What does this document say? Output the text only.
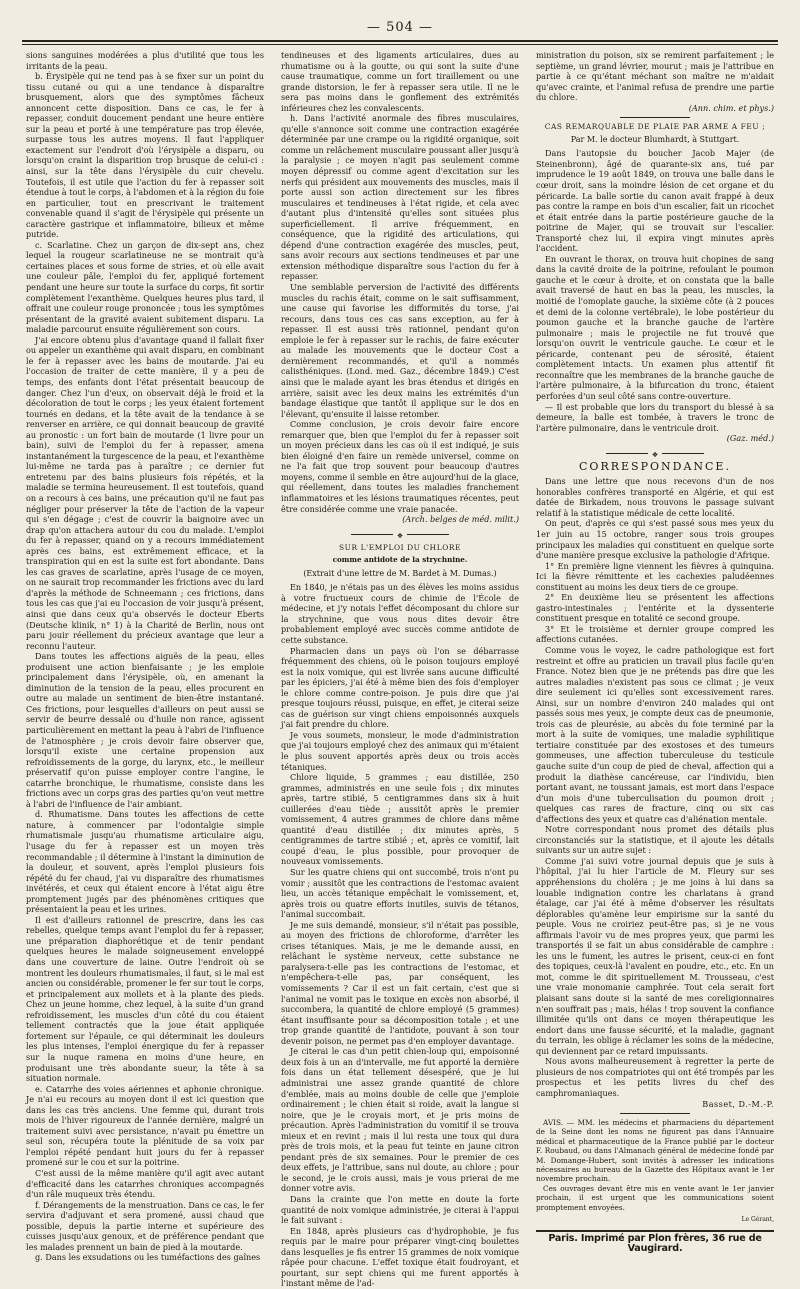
— 504 —

sions sanguines modérées a plus d'utilité que tous les irritants de la peau.

b. Érysipèle qui ne tend pas à se fixer sur un point du tissu cutané ou qui a une tendance à disparaître brusquement, alors que des symptômes fâcheux annoncent cette disposition. Dans ce cas, le fer à repasser, conduit doucement pendant une heure entière sur la peau et porté à une température pas trop élevée, surpasse tous les autres moyens. Il faut l'appliquer exactement sur l'endroit d'où l'érysipèle a disparu, ou lorsqu'on craint la disparition trop brusque de celui-ci : ainsi, sur la tête dans l'érysipèle du cuir chevelu. Toutefois, il est utile que l'action du fer à repasser soit étendue à tout le corps, à l'abdomen et à la région du foie en particulier, tout en prescrivant le traitement convenable quand il s'agit de l'érysipèle qui présente un caractère gastrique et inflammatoire, bilieux et même putride.

c. Scarlatine. Chez un garçon de dix-sept ans, chez lequel la rougeur scarlatineuse ne se montrait qu'à certaines places et sous forme de stries, et où elle avait une couleur pâle, l'emploi du fer, appliqué fortement pendant une heure sur toute la surface du corps, fit sortir complètement l'exanthème. Quelques heures plus tard, il offrait une couleur rouge prononcée ; tous les symptômes présentant de la gravité avaient subitement disparu. La maladie parcourut ensuite régulièrement son cours.

J'ai encore obtenu plus d'avantage quand il fallait fixer ou appeler un exanthème qui avait disparu, en combinant le fer à repasser avec les bains de moutarde. J'ai eu l'occasion de traiter de cette manière, il y a peu de temps, des enfants dont l'état présentait beaucoup de danger. Chez l'un d'eux, on observait déjà le froid et la décoloration de tout le corps ; les yeux étaient fortement tournés en dedans, et la tête avait de la tendance à se renverser en arrière, ce qui donnait beaucoup de gravité au pronostic : un fort bain de moutarde (1 livre pour un bain), suivi de l'emploi du fer à repasser, amena instantanément la turgescence de la peau, et l'exanthème lui-même ne tarda pas à paraître ; ce dernier fut entretenu par des bains plusieurs fois répétés, et la maladie se termina heureusement. Il est toutefois, quand on a recours à ces bains, une précaution qu'il ne faut pas négliger pour préserver la tête de l'action de la vapeur qui s'en dégage ; c'est de couvrir la baignoire avec un drap qu'on attachera autour du cou du malade. L'emploi du fer à repasser, quand on y a recours immédiatement après ces bains, est extrêmement efficace, et la transpiration qui en est la suite est fort abondante. Dans les cas graves de scarlatine, après l'usage de ce moyen, on ne saurait trop recommander les frictions avec du lard d'après la méthode de Schneemann ; ces frictions, dans tous les cas que j'ai eu l'occasion de voir jusqu'à présent, ainsi que dans ceux qu'a observés le docteur Eberts (Deutsche klinik, n° 1) à la Charité de Berlin, nous ont paru jouir réellement du précieux avantage que leur a reconnu l'auteur.

Dans toutes les affections aiguës de la peau, elles produisent une action bienfaisante ; je les emploie principalement dans l'érysipèle, où, en amenant la diminution de la tension de la peau, elles procurent en outre au malade un sentiment de bien-être instantané. Ces frictions, pour lesquelles d'ailleurs on peut aussi se servir de beurre dessalé ou d'huile non rance, agissent particulièrement en mettant la peau à l'abri de l'influence de l'atmosphère ; je crois devoir faire observer que, lorsqu'il existe une certaine propension aux refroidissements de la gorge, du larynx, etc., le meilleur préservatif qu'on puisse employer contre l'angine, le catarrhe bronchique, le rhumatisme, consiste dans les frictions avec un corps gras des parties qu'on veut mettre à l'abri de l'influence de l'air ambiant.

d. Rhumatisme. Dans toutes les affections de cette nature, à commencer par l'odontalgie simple rhumatismale jusqu'au rhumatisme articulaire aigu, l'usage du fer à repasser est un moyen très recommandable ; il détermine à l'instant la diminution de la douleur, et souvent, après l'emploi plusieurs fois répété du fer chaud, j'ai vu disparaître des rhumatismes invétérés, et ceux qui étaient encore à l'état aigu être promptement jugés par des phénomènes critiques que présentaient la peau et les urines.

Il est d'ailleurs rationnel de prescrire, dans les cas rebelles, quelque temps avant l'emploi du fer à repasser, une préparation diaphorétique et de tenir pendant quelques heures le malade soigneusement enveloppé dans une couverture de laine. Outre l'endroit où se montrent les douleurs rhumatismales, il faut, si le mal est ancien ou considérable, promener le fer sur tout le corps, et principalement aux mollets et à la plante des pieds. Chez un jeune homme, chez lequel, à la suite d'un grand refroidissement, les muscles d'un côté du cou étaient tellement contractés que la joue était appliquée fortement sur l'épaule, ce qui déterminait les douleurs les plus intenses, l'emploi énergique du fer à repasser sur la nuque ramena en moins d'une heure, en produisant une très abondante sueur, la tête à sa situation normale.

e. Catarrhe des voies aériennes et aphonie chronique. Je n'ai eu recours au moyen dont il est ici question que dans les cas très anciens. Une femme qui, durant trois mois de l'hiver rigoureux de l'année dernière, malgré un traitement suivi avec persistance, n'avait pu émettre un seul son, récupéra toute la plénitude de sa voix par l'emploi répété pendant huit jours du fer à repasser promené sur le cou et sur la poitrine.

C'est aussi de la même manière qu'il agit avec autant d'efficacité dans les catarrhes chroniques accompagnés d'un râle muqueux très étendu.

f. Dérangements de la menstruation. Dans ce cas, le fer servira d'adjuvant et sera promené, aussi chaud que possible, depuis la partie interne et supérieure des cuisses jusqu'aux genoux, et de préférence pendant que les malades prennent un bain de pied à la moutarde.

g. Dans les exsudations ou les tuméfactions des gaînes

tendineuses et des ligaments articulaires, dues au rhumatisme ou à la goutte, ou qui sont la suite d'une cause traumatique, comme un fort tiraillement ou une grande distorsion, le fer à repasser sera utile. Il ne le sera pas moins dans le gonflement des extrémités inférieures chez les convalescents.

h. Dans l'activité anormale des fibres musculaires, qu'elle s'annonce soit comme une contraction exagérée déterminée par une crampe ou la rigidité organique, soit comme un relâchement musculaire poussant aller jusqu'à la paralysie ; ce moyen n'agit pas seulement comme moyen dépressif ou comme agent d'excitation sur les nerfs qui président aux mouvements des muscles, mais il porte aussi son action directement sur les fibres musculaires et tendineuses à l'état rigide, et cela avec d'autant plus d'intensité qu'elles sont situées plus superficiellement. Il arrive fréquemment, en conséquence, que la rigidité des articulations, qui dépend d'une contraction exagérée des muscles, peut, sans avoir recours aux sections tendineuses et par une extension méthodique disparaître sous l'action du fer à repasser.

Une semblable perversion de l'activité des différents muscles du rachis était, comme on le sait suffisamment, une cause qui favorise les difformités du torse, j'ai recours, dans tous ces cas sans exception, au fer à repasser. Il est aussi très rationnel, pendant qu'on emploie le fer à repasser sur le rachis, de faire exécuter au malade les mouvements que le docteur Cost a dernièrement recommandés, et qu'il a nommés calisthéniques. (Lond. med. Gaz., décembre 1849.) C'est ainsi que le malade ayant les bras étendus et dirigés en arrière, saisit avec les deux mains les extrémités d'un bandage élastique que tantôt il applique sur le dos en l'élevant, qu'ensuite il laisse retomber.

Comme conclusion, je crois devoir faire encore remarquer que, bien que l'emploi du fer à repasser soit un moyen précieux dans les cas où il est indiqué, je suis bien éloigné d'en faire un remède universel, comme on ne l'a fait que trop souvent pour beaucoup d'autres moyens, comme il semble en être aujourd'hui de la glace, qui réellement, dans toutes les maladies franchement inflammatoires et les lésions traumatiques récentes, peut être considérée comme une vraie panacée.

(Arch. belges de méd. milit.)

❖
SUR L'EMPLOI DU CHLORE
comme antidote de la strychnine.

(Extrait d'une lettre de M. Bardet à M. Dumas.)

En 1840, je n'étais pas un des élèves les moins assidus à votre fructueux cours de chimie de l'École de médecine, et j'y notais l'effet décomposant du chlore sur la strychnine, que vous nous dites devoir être probablement employé avec succès comme antidote de cette substance.

Pharmacien dans un pays où l'on se débarrasse fréquemment des chiens, où le poison toujours employé est la noix vomique, qui est livrée sans aucune difficulté par les épiciers, j'ai été à même bien des fois d'employer le chlore comme contre-poison. Je puis dire que j'ai presque toujours réussi, puisque, en effet, je citerai seize cas de guérison sur vingt chiens empoisonnés auxquels j'ai fait prendre du chlore.

Je vous soumets, monsieur, le mode d'administration que j'ai toujours employé chez des animaux qui m'étaient le plus souvent apportés après deux ou trois accès tétaniques.

Chlore liquide, 5 grammes ; eau distillée, 250 grammes, administrés en une seule fois ; dix minutes après, tartre stibié, 5 centigrammes dans six à huit cuillerées d'eau tiède ; aussitôt après le premier vomissement, 4 autres grammes de chlore dans même quantité d'eau distillée ; dix minutes après, 5 centigrammes de tartre stibié ; et, après ce vomitif, lait coupé d'eau, le plus possible, pour provoquer de nouveaux vomissements.

Sur les quatre chiens qui ont succombé, trois n'ont pu vomir ; aussitôt que les contractions de l'estomac avaient lieu, un accès tétanique empêchait le vomissement, et, après trois ou quatre efforts inutiles, suivis de tétanos, l'animal succombait.

Je me suis demandé, monsieur, s'il n'était pas possible, au moyen des frictions de chloroforme, d'arrêter les crises tétaniques. Mais, je me le demande aussi, en relâchant le système nerveux, cette substance ne paralysera-t-elle pas les contractions de l'estomac, et n'empêchera-t-elle pas, par conséquent, les vomissements ? Car il est un fait certain, c'est que si l'animal ne vomit pas le toxique en excès non absorbé, il succombera, la quantité de chlore employé (5 grammes) étant insuffisante pour sa décomposition totale ; et une trop grande quantité de l'antidote, pouvant à son tour devenir poison, ne permet pas d'en employer davantage.

Je citerai le cas d'un petit chien-loup qui, empoisonné deux fois à un an d'intervalle, me fut apporté la dernière fois dans un état tellement désespéré, que je lui administrai une assez grande quantité de chlore d'emblée, mais au moins double de celle que j'emploie ordinairement ; le chien était si roide, avait la langue si noire, que je le croyais mort, et je pris moins de précaution. Après l'administration du vomitif il se trouva mieux et en revint ; mais il lui resta une toux qui dura près de trois mois, et la peau fut teinte en jaune citron pendant près de six semaines. Pour le premier de ces deux effets, je l'attribue, sans nul doute, au chlore ; pour le second, je le crois aussi, mais je vous prierai de me donner votre avis.

Dans la crainte que l'on mette en doute la forte quantité de noix vomique administrée, je citerai à l'appui le fait suivant :

En 1848, après plusieurs cas d'hydrophobie, je fus requis par le maire pour préparer vingt-cinq boulettes dans lesquelles je fis entrer 15 grammes de noix vomique râpée pour chacune. L'effet toxique était foudroyant, et pourtant, sur sept chiens qui me furent apportés à l'instant même de l'ad-

ministration du poison, six se remirent parfaitement ; le septième, un grand lévrier, mourut ; mais je l'attribue en partie à ce qu'étant méchant son maître ne m'aidait qu'avec crainte, et l'animal refusa de prendre une partie du chlore.

(Ann. chim. et phys.)

CAS REMARQUABLE DE PLAIE PAR ARME A FEU ;

Par M. le docteur Blumhardt, à Stuttgart.

Dans l'autopsie du boucher Jacob Majer (de Steinenbronn), âgé de quarante-six ans, tué par imprudence le 19 août 1849, on trouva une balle dans le cœur droit, sans la moindre lésion de cet organe et du péricarde. La balle sortie du canon avait frappé à deux pas contre la rampe en bois d'un escalier, fait un ricochet et était entrée dans la partie postérieure gauche de la poitrine de Majer, qui se trouvait sur l'escalier. Transporté chez lui, il expira vingt minutes après l'accident.

En ouvrant le thorax, on trouva huit chopines de sang dans la cavité droite de la poitrine, refoulant le poumon gauche et le cœur à droite, et on constata que la balle avait traversé de haut en bas la peau, les muscles, la moitié de l'omoplate gauche, la sixième côte (à 2 pouces et demi de la colonne vertébrale), le lobe postérieur du poumon gauche et la branche gauche de l'artère pulmonaire ; mais le projectile ne fut trouvé que lorsqu'on ouvrit le ventricule gauche. Le cœur et le péricarde, contenant peu de sérosité, étaient complètement intacts. Un examen plus attentif fit reconnaître que les membranes de la branche gauche de l'artère pulmonaire, à la bifurcation du tronc, étaient perforées d'un seul côté sans contre-ouverture.

— Il est probable que lors du transport du blessé à sa demeure, la balle est tombée, à travers le tronc de l'artère pulmonaire, dans le ventricule droit.

(Gaz. méd.)

❖
CORRESPONDANCE.

Dans une lettre que nous recevons d'un de nos honorables confrères transporté en Algérie, et qui est datée de Birkadem, nous trouvons le passage suivant relatif à la statistique médicale de cette localité.

On peut, d'après ce qui s'est passé sous mes yeux du 1er juin au 15 octobre, ranger sous trois groupes principaux les maladies qui constituent en quelque sorte d'une manière presque exclusive la pathologie d'Afrique.

1° En première ligne viennent les fièvres à quinquina. Ici la fièvre rémittente et les cachexies paludéennes constituent au moins les deux tiers de ce groupe.

2° En deuxième lieu se présentent les affections gastro-intestinales ; l'entérite et la dyssenterie constituent presque en totalité ce second groupe.

3° Et le troisième et dernier groupe compred les affections cutanées.

Comme vous le voyez, le cadre pathologique est fort restreint et offre au praticien un travail plus facile qu'en France. Notez bien que je ne prétends pas dire que les autres maladies n'existent pas sous ce climat ; je veux dire seulement ici qu'elles sont excessivement rares. Ainsi, sur un nombre d'environ 240 malades qui ont passés sous mes yeux, je compte deux cas de pneumonie, trois cas de pleurésie, au abcès du foie terminé par la mort à la suite de vomiques, une maladie syphilitique tertiaire constituée par des exostoses et des tumeurs gommeuses, une affection tuberculeuse du testicule gauche suite d'un coup de pied de cheval, affection qui a produit la diathèse cancéreuse, car l'individu, bien portant avant, ne toussant jamais, est mort dans l'espace d'un mois d'une tuberculisation du poumon droit ; quelques cas rares de fracture, cinq ou six cas d'affections des yeux et quatre cas d'aliénation mentale.

Notre correspondant nous promet des détails plus circonstanciés sur la statistique, et il ajoute les détails suivants sur un autre sujet :

Comme j'ai suivi votre journal depuis que je suis à l'hôpital, j'ai lu hier l'article de M. Fleury sur ses appréhensions du choléra ; je me joins à lui dans sa louable indignation contre les charlatans à grand étalage, car j'ai été à même d'observer les résultats déplorables qu'amène leur empirisme sur la santé du peuple. Vous ne croiriez peut-être pas, si je ne vous affirmais l'avoir vu de mes propres yeux, que parmi les transportés il se fait un abus considérable de camphre : les uns le fument, les autres le prisent, ceux-ci en font des topiques, ceux-là l'avalent en poudre, etc., etc. En un mot, comme le dit spirituellement M. Trousseau, c'est une vraie monomanie camphrée. Tout cela serait fort plaisant sans doute si la santé de mes coreligionnaires n'en souffrait pas ; mais, hélas ! trop souvent la confiance illimitée qu'ils ont dans ce moyen thérapeutique les endort dans une fausse sécurité, et la maladie, gagnant du terrain, les oblige à réclamer les soins de la médecine, qui deviennent par ce retard impuissants.

Nous avons malheureusement à regretter la perte de plusieurs de nos compatriotes qui ont été trompés par les prospectus et les petits livres du chef des camphromaniaques.

Basset, D.-M.-P.

AVIS. — MM. les médecins et pharmaciens du département de la Seine dont les noms ne figurent pas dans l'Annuaire médical et pharmaceutique de la France publié par le docteur F. Roubaud, ou dans l'Almanach général de médecine fondé par M. Domange-Hubert, sont invités à adresser les indications nécessaires au bureau de la Gazette des Hôpitaux avant le 1er novembre prochain.

Ces ouvrages devant être mis en vente avant le 1er janvier prochain, il est urgent que les communications soient promptement envoyées.

Le Gérant,
Paris. Imprimé par Plon frères, 36 rue de Vaugirard.
